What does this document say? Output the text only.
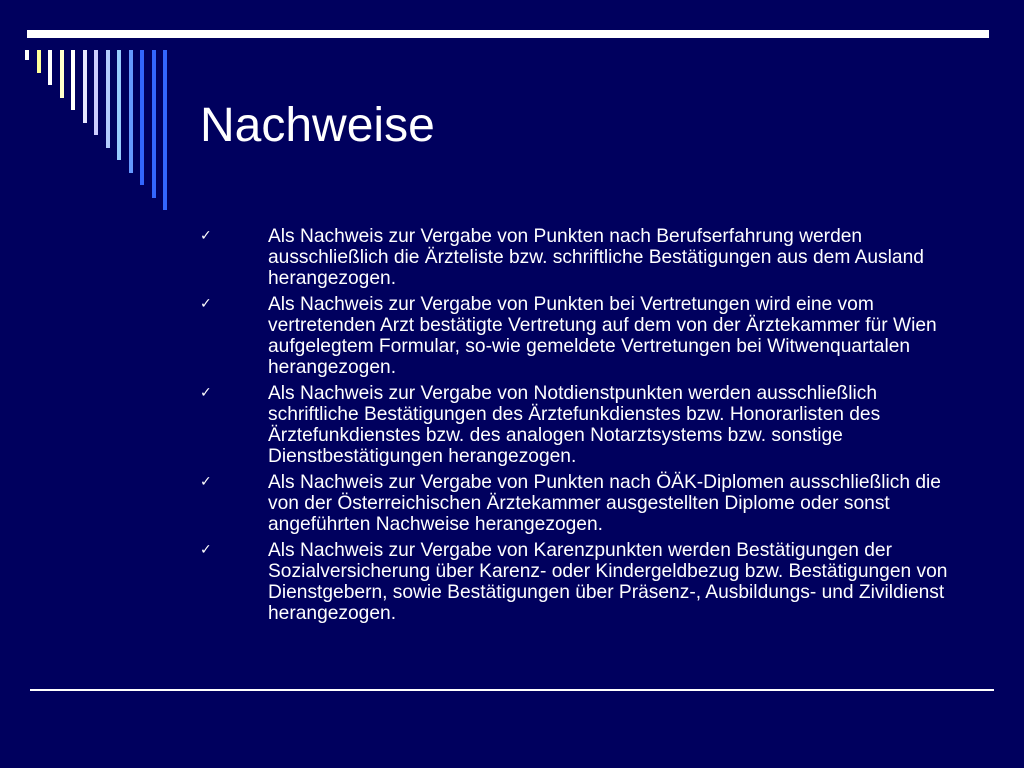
Nachweise
✓	Als Nachweis zur Vergabe von Punkten nach Berufserfahrung werden ausschließlich die Ärzteliste bzw. schriftliche Bestätigungen aus dem Ausland herangezogen.
✓	Als Nachweis zur Vergabe von Punkten bei Vertretungen wird eine vom vertretenden Arzt bestätigte Vertretung auf dem von der Ärztekammer für Wien aufgelegtem Formular, so-wie gemeldete Vertretungen bei Witwenquartalen herangezogen.
✓	Als Nachweis zur Vergabe von Notdienstpunkten werden ausschließlich schriftliche Bestätigungen des Ärztefunkdienstes bzw. Honorarlisten des Ärztefunkdienstes bzw. des analogen Notarztsystems bzw. sonstige Dienstbestätigungen herangezogen.
✓	Als Nachweis zur Vergabe von Punkten nach ÖÄK-Diplomen ausschließlich die von der Österreichischen Ärztekammer ausgestellten Diplome oder sonst angeführten Nachweise herangezogen.
✓	Als Nachweis zur Vergabe von Karenzpunkten werden Bestätigungen der Sozialversicherung über Karenz- oder Kindergeldbezug bzw. Bestätigungen von Dienstgebern, sowie Bestätigungen über Präsenz-, Ausbildungs- und Zivildienst herangezogen.
